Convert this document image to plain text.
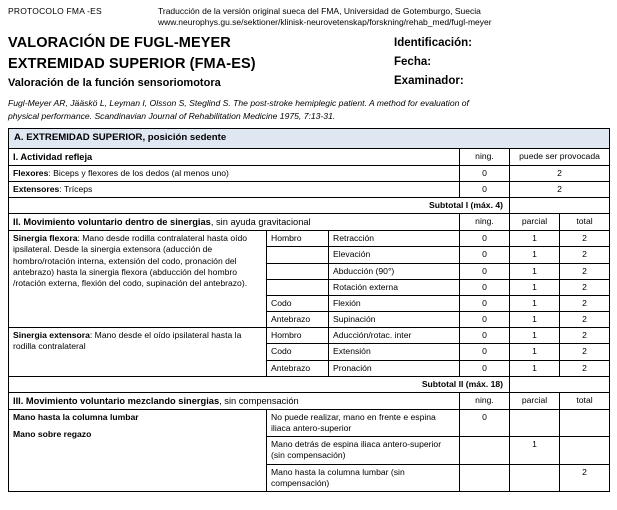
PROTOCOLO FMA -ES	Traducción de la versión original sueca del FMA, Universidad de Gotemburgo, Suecia
www.neurophys.gu.se/sektioner/klinisk-neurovetenskap/forskning/rehab_med/fugl-meyer
VALORACIÓN DE FUGL-MEYER
EXTREMIDAD SUPERIOR (FMA-ES)
Valoración de la función sensoriomotora
Identificación:
Fecha:
Examinador:
Fugl-Meyer AR, Jääskö L, Leyman I, Olsson S, Steglind S. The post-stroke hemiplegic patient. A method for evaluation of
physical performance. Scandinavian Journal of Rehabilitation Medicine 1975, 7:13-31.
A. EXTREMIDAD SUPERIOR, posición sedente					
I. Actividad refleja			ning.	puede ser provocada	
Flexores: Biceps y flexores de los dedos (al menos uno)			0	2	
Extensores: Tríceps			0	2	
Subtotal I (máx. 4)					
II. Movimiento voluntario dentro de sinergias, sin ayuda gravitacional			ning.	parcial	total
Sinergia flexora: Mano desde rodilla contralateral hasta oído ipsilateral. Desde la sinergia extensora (aducción de hombro/rotación interna, extensión del codo, pronación del antebrazo) hasta la sinergia flexora (abducción del hombro /rotación externa, flexión del codo, supinación del antebrazo).	Hombro	Retracción	0	1	2
		Elevación	0	1	2
		Abducción (90°)	0	1	2
		Rotación externa	0	1	2
	Codo	Flexión	0	1	2
	Antebrazo	Supinación	0	1	2
Sinergia extensora: Mano desde el oído ipsilateral hasta la rodilla contralateral	Hombro	Aducción/rotac. inter	0	1	2
	Codo	Extensión	0	1	2
	Antebrazo	Pronación	0	1	2
Subtotal II (máx. 18)					
III. Movimiento voluntario mezclando sinergias, sin compensación			ning.	parcial	total

Mano hasta la columna lumbar
Mano sobre regazo	No puede realizar, mano en frente e espina iliaca antero-superior		0		
	Mano detrás de espina iliaca antero-superior (sin compensación)			1	
	Mano hasta la columna lumbar (sin compensación)				2
